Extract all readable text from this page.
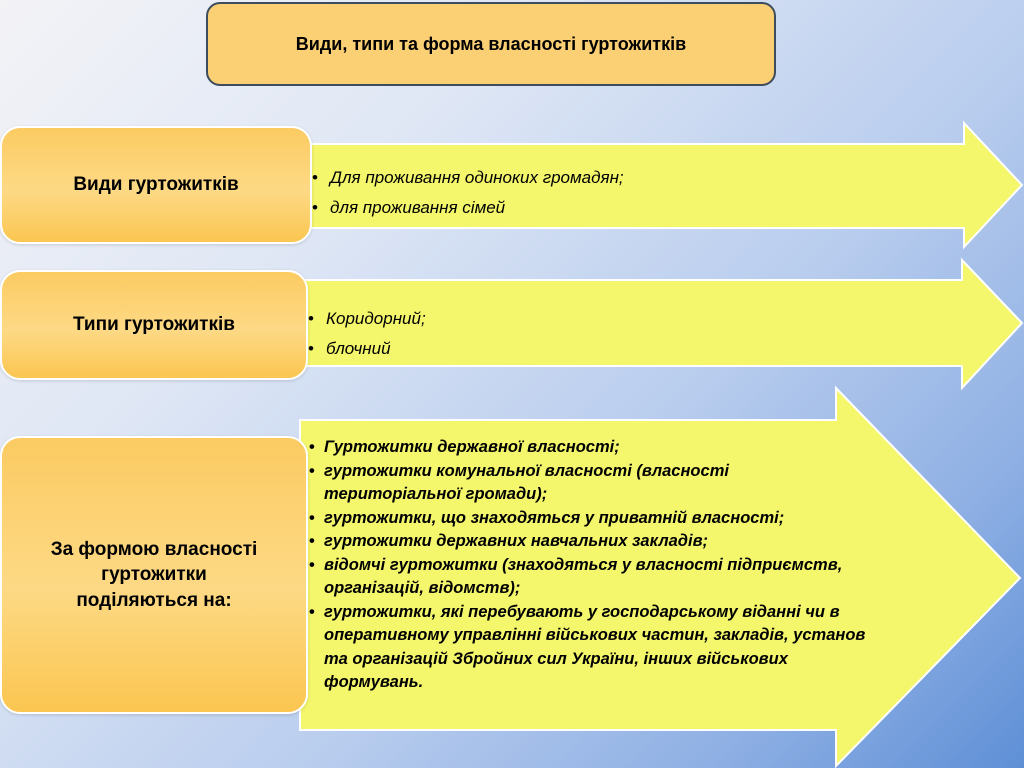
Види, типи та форма власності гуртожитків
Види гуртожитків	• Для проживання одиноких громадян;
• для проживання сімей
Типи гуртожитків	• Коридорний;
• блочний
За формою власності
гуртожитки
поділяються на:
• Гуртожитки державної власності;
• гуртожитки комунальної власності (власності територіальної громади);
• гуртожитки, що знаходяться у приватній власності;
• гуртожитки державних навчальних закладів;
• відомчі гуртожитки (знаходяться у власності підприємств, організацій, відомств);
• гуртожитки, які перебувають у господарському віданні чи в оперативному управлінні військових частин, закладів, установ та організацій Збройних сил України, інших військових формувань.
